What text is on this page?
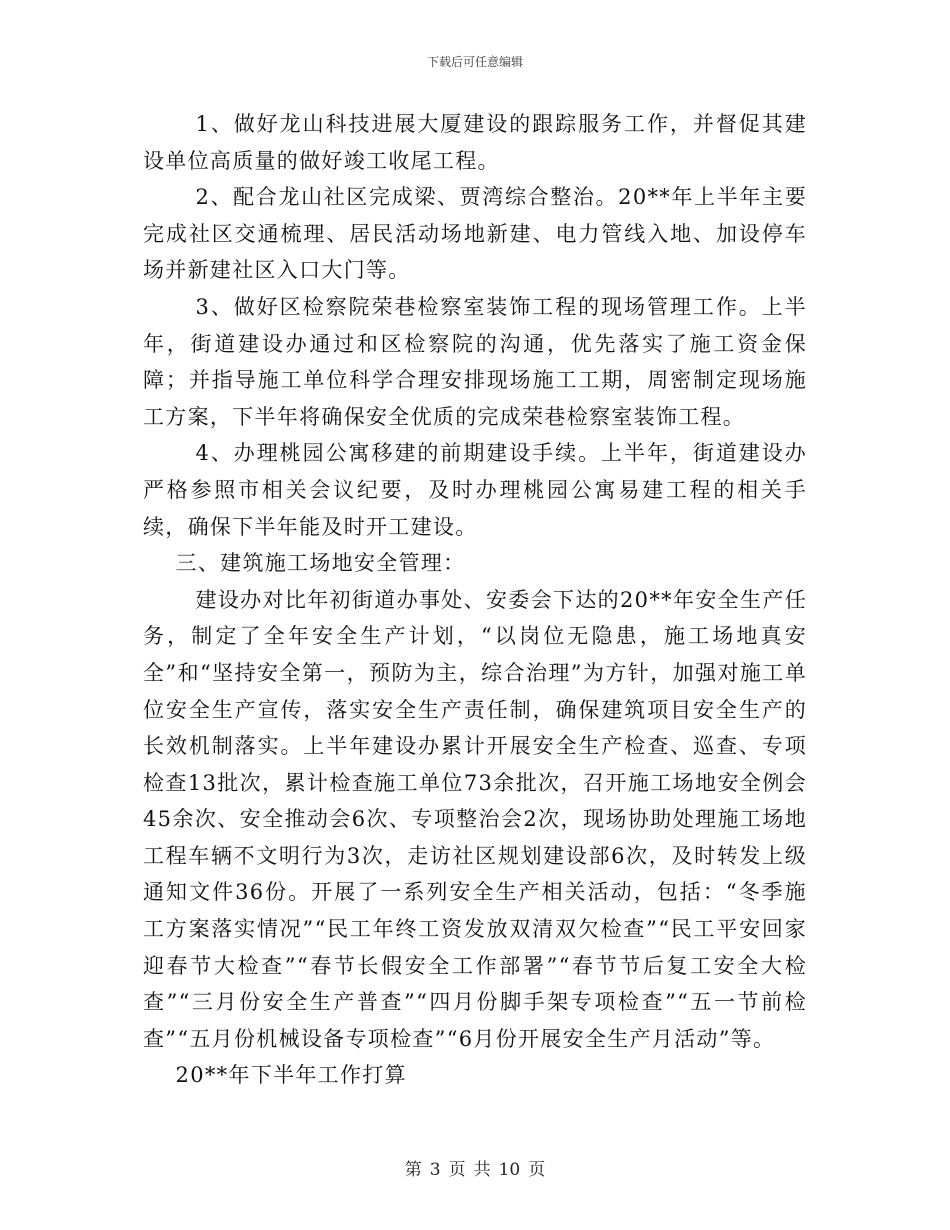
下载后可任意编辑

1、做好龙山科技进展大厦建设的跟踪服务工作，并督促其建设单位高质量的做好竣工收尾工程。

2、配合龙山社区完成梁、贾湾综合整治。20**年上半年主要完成社区交通梳理、居民活动场地新建、电力管线入地、加设停车场并新建社区入口大门等。

3、做好区检察院荣巷检察室装饰工程的现场管理工作。上半年，街道建设办通过和区检察院的沟通，优先落实了施工资金保障；并指导施工单位科学合理安排现场施工工期，周密制定现场施工方案，下半年将确保安全优质的完成荣巷检察室装饰工程。

4、办理桃园公寓移建的前期建设手续。上半年，街道建设办严格参照市相关会议纪要，及时办理桃园公寓易建工程的相关手续，确保下半年能及时开工建设。

三、建筑施工场地安全管理：

建设办对比年初街道办事处、安委会下达的20**年安全生产任务，制定了全年安全生产计划，“以岗位无隐患，施工场地真安全”和“坚持安全第一，预防为主，综合治理”为方针，加强对施工单位安全生产宣传，落实安全生产责任制，确保建筑项目安全生产的长效机制落实。上半年建设办累计开展安全生产检查、巡查、专项检查13批次，累计检查施工单位73余批次，召开施工场地安全例会45余次、安全推动会6次、专项整治会2次，现场协助处理施工场地工程车辆不文明行为3次，走访社区规划建设部6次，及时转发上级通知文件36份。开展了一系列安全生产相关活动，包括：“冬季施工方案落实情况”“民工年终工资发放双清双欠检查”“民工平安回家迎春节大检查”“春节长假安全工作部署”“春节节后复工安全大检查”“三月份安全生产普查”“四月份脚手架专项检查”“五一节前检查”“五月份机械设备专项检查”“6月份开展安全生产月活动”等。

20**年下半年工作打算

第 3 页 共 10 页
